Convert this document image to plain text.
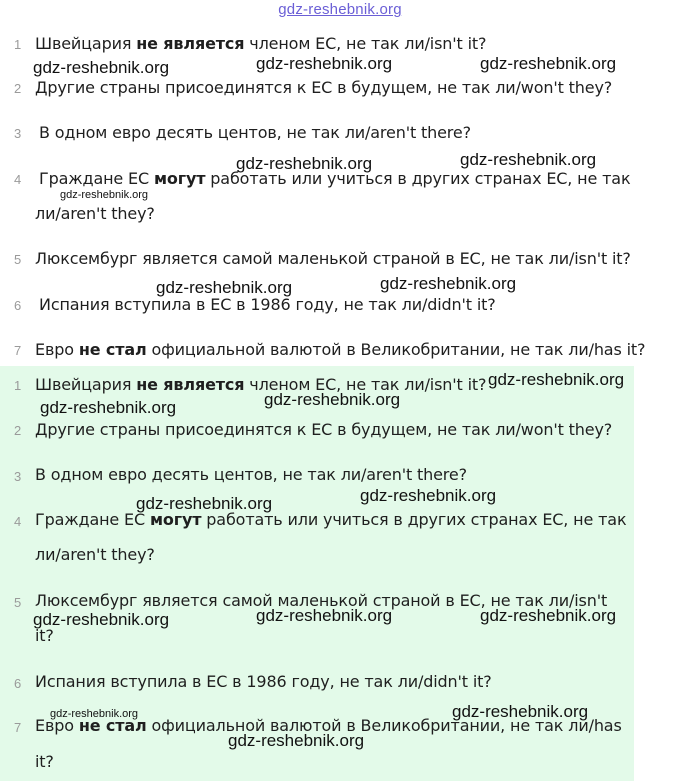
gdz-reshebnik.org
1 Швейцария не является членом ЕС, не так ли/isn't it?
2 Другие страны присоединятся к ЕС в будущем, не так ли/won't they?
3	В одном евро десять центов, не так ли/aren't there?
4	Граждане ЕС могут работать или учиться в других странах ЕС, не так
ли/aren't they?
5 Люксембург является самой маленькой страной в ЕС, не так ли/isn't it?
6	Испания вступила в ЕС в 1986 году, не так ли/didn't it?
7 Евро не стал официальной валютой в Великобритании, не так ли/has it?
1 Швейцария не является членом ЕС, не так ли/isn't it?
2 Другие страны присоединятся к ЕС в будущем, не так ли/won't they?
3 В одном евро десять центов, не так ли/aren't there?
4 Граждане ЕС могут работать или учиться в других странах ЕС, не так
ли/aren't they?
5 Люксембург является самой маленькой страной в ЕС, не так ли/isn't
it?
6 Испания вступила в ЕС в 1986 году, не так ли/didn't it?
7 Евро не стал официальной валютой в Великобритании, не так ли/has
it?
gdz-reshebnik.org	gdz-reshebnik.org	gdz-reshebnik.org
gdz-reshebnik.org	gdz-reshebnik.org
gdz-reshebnik.org
gdz-reshebnik.org	gdz-reshebnik.org
gdz-reshebnik.org
gdz-reshebnik.org	gdz-reshebnik.org
gdz-reshebnik.org	gdz-reshebnik.org
gdz-reshebnik.org	gdz-reshebnik.org	gdz-reshebnik.org
gdz-reshebnik.org	gdz-reshebnik.org
gdz-reshebnik.org
